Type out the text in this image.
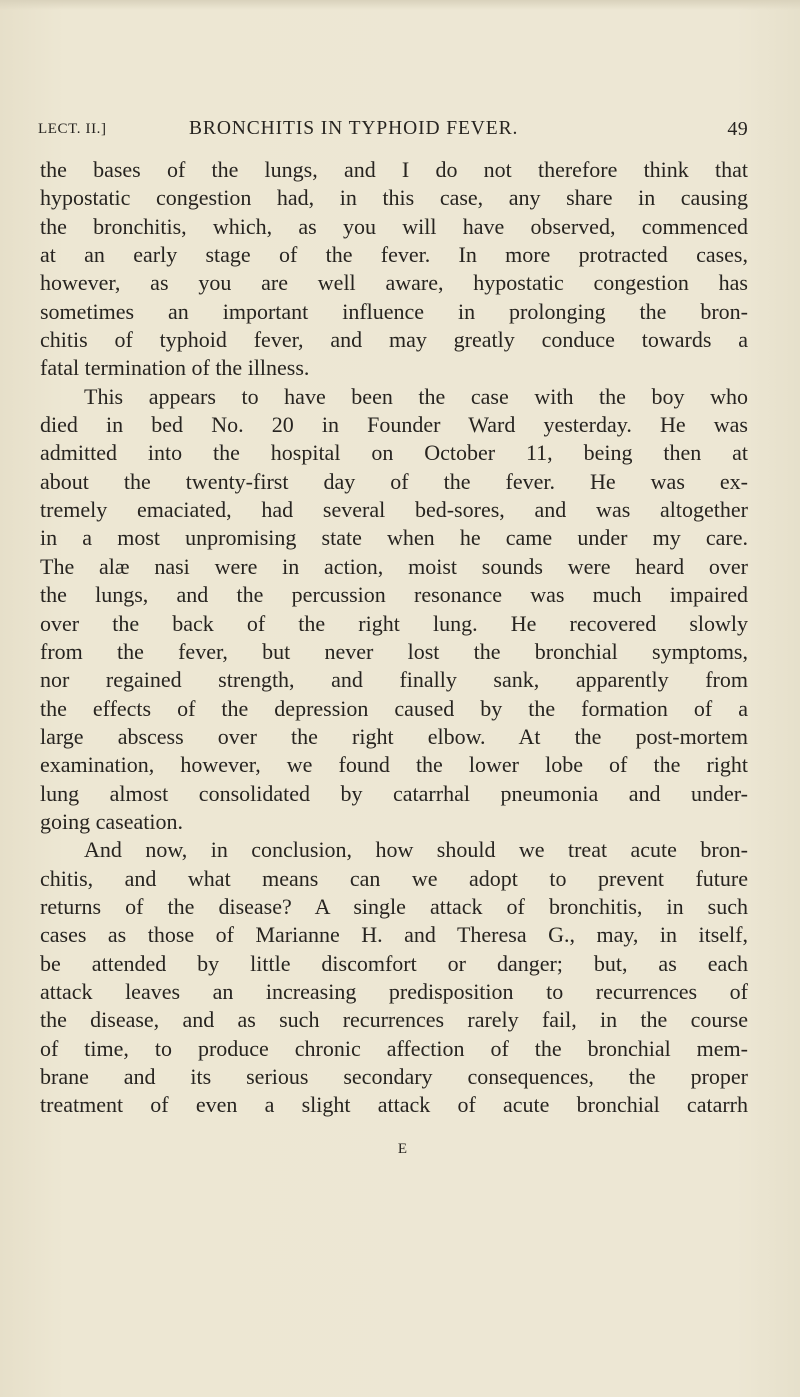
LECT. II.]	BRONCHITIS IN TYPHOID FEVER.	49
the bases of the lungs, and I do not therefore think that
hypostatic congestion had, in this case, any share in causing
the bronchitis, which, as you will have observed, commenced
at an early stage of the fever. In more protracted cases,
however, as you are well aware, hypostatic congestion has
sometimes an important influence in prolonging the bron-
chitis of typhoid fever, and may greatly conduce towards a
fatal termination of the illness.
This appears to have been the case with the boy who
died in bed No. 20 in Founder Ward yesterday. He was
admitted into the hospital on October 11, being then at
about the twenty-first day of the fever. He was ex-
tremely emaciated, had several bed-sores, and was altogether
in a most unpromising state when he came under my care.
The alæ nasi were in action, moist sounds were heard over
the lungs, and the percussion resonance was much impaired
over the back of the right lung. He recovered slowly
from the fever, but never lost the bronchial symptoms,
nor regained strength, and finally sank, apparently from
the effects of the depression caused by the formation of a
large abscess over the right elbow. At the post-mortem
examination, however, we found the lower lobe of the right
lung almost consolidated by catarrhal pneumonia and under-
going caseation.
And now, in conclusion, how should we treat acute bron-
chitis, and what means can we adopt to prevent future
returns of the disease? A single attack of bronchitis, in such
cases as those of Marianne H. and Theresa G., may, in itself,
be attended by little discomfort or danger; but, as each
attack leaves an increasing predisposition to recurrences of
the disease, and as such recurrences rarely fail, in the course
of time, to produce chronic affection of the bronchial mem-
brane and its serious secondary consequences, the proper
treatment of even a slight attack of acute bronchial catarrh
E
